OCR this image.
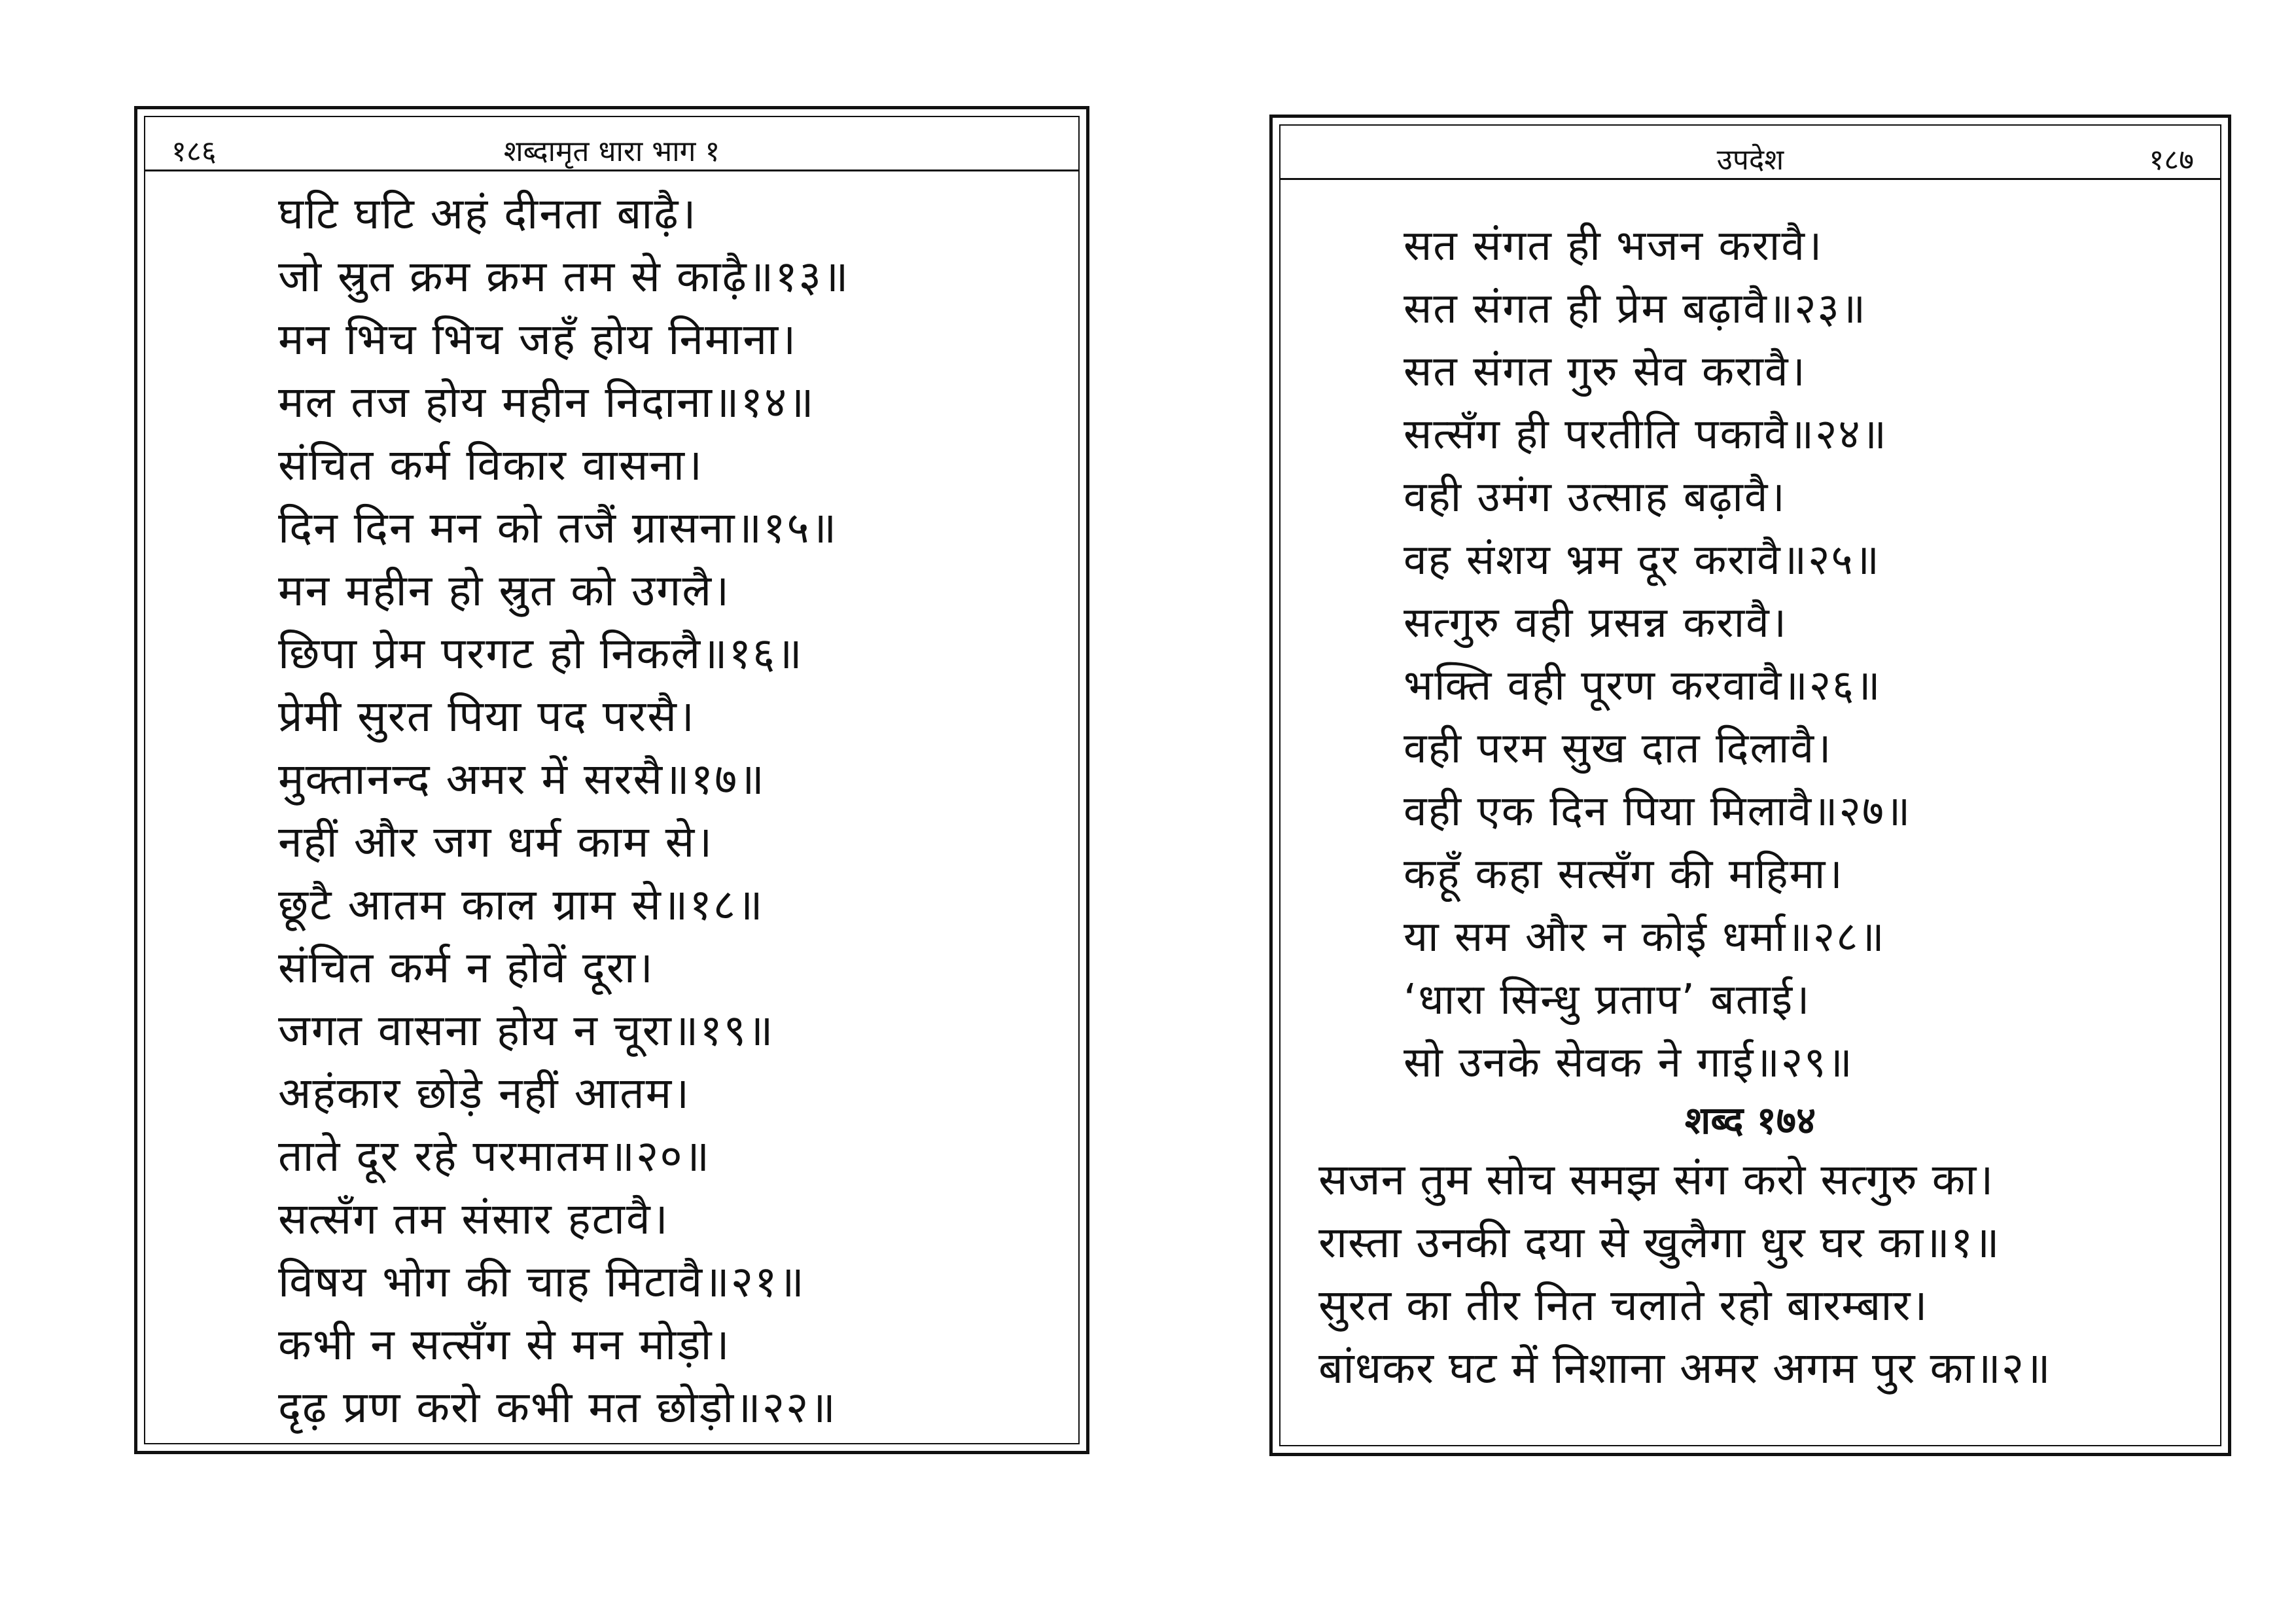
१८६	शब्दामृत धारा भाग १
घटि घटि अहं दीनता बाढ़ै।
जो स्रुत क्रम क्रम तम से काढ़ै॥१३॥
मन भिच भिच जहँ होय निमाना।
मल तज होय महीन निदाना॥१४॥
संचित कर्म विकार वासना।
दिन दिन मन को तजैं ग्रासना॥१५॥
मन महीन हो स्रुत को उगलै।
छिपा प्रेम परगट हो निकलै॥१६॥
प्रेमी सुरत पिया पद परसै।
मुक्तानन्द अमर में सरसै॥१७॥
नहीं और जग धर्म काम से।
छूटै आतम काल ग्राम से॥१८॥
संचित कर्म न होवें दूरा।
जगत वासना होय न चूरा॥१९॥
अहंकार छोड़े नहीं आतम।
ताते दूर रहे परमातम॥२०॥
सत्सँग तम संसार हटावै।
विषय भोग की चाह मिटावै॥२१॥
कभी न सत्सँग से मन मोड़ो।
दृढ़ प्रण करो कभी मत छोड़ो॥२२॥
उपदेश	१८७
सत संगत ही भजन करावै।
सत संगत ही प्रेम बढ़ावै॥२३॥
सत संगत गुरु सेव करावै।
सत्सँग ही परतीति पकावै॥२४॥
वही उमंग उत्साह बढ़ावै।
वह संशय भ्रम दूर करावै॥२५॥
सत्गुरु वही प्रसन्न करावै।
भक्ति वही पूरण करवावै॥२६॥
वही परम सुख दात दिलावै।
वही एक दिन पिया मिलावै॥२७॥
कहूँ कहा सत्सँग की महिमा।
या सम और न कोई धर्मा॥२८॥
‘धारा सिन्धु प्रताप’ बताई।
सो उनके सेवक ने गाई॥२९॥
शब्द १७४
सजन तुम सोच समझ संग करो सत्गुरु का।
रास्ता उनकी दया से खुलैगा धुर घर का॥१॥
सुरत का तीर नित चलाते रहो बारम्बार।
बांधकर घट में निशाना अमर अगम पुर का॥२॥
